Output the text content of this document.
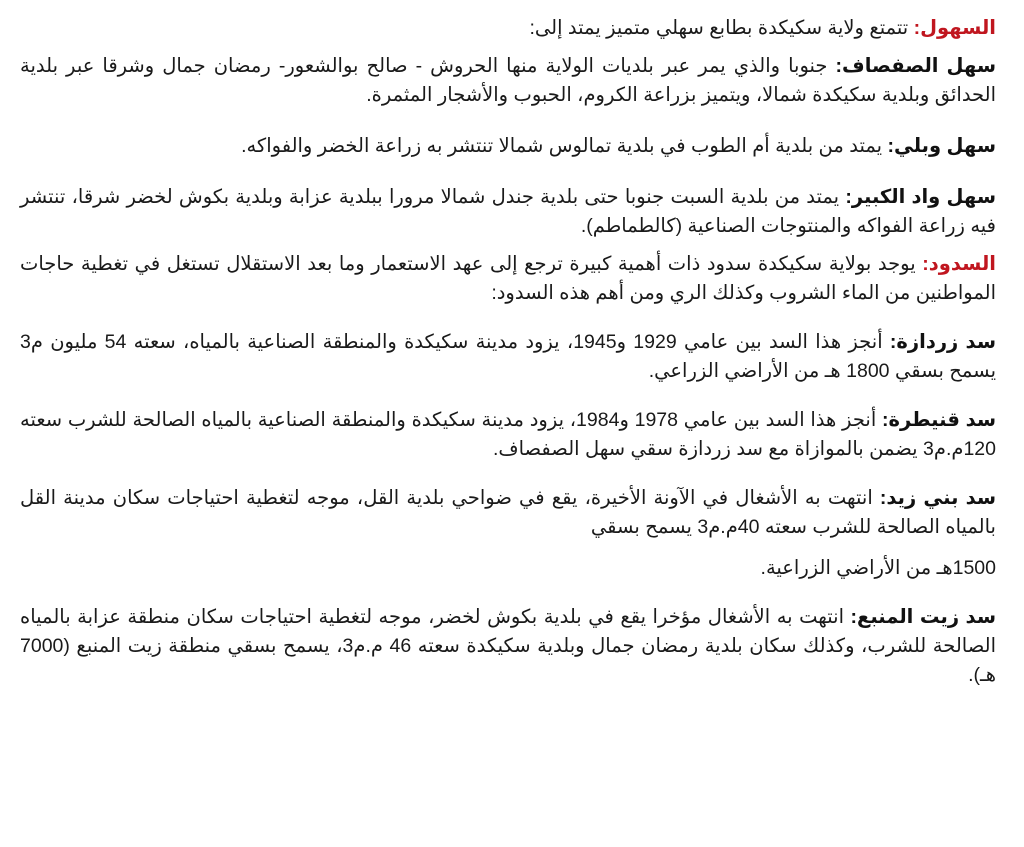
السهول: تتمتع ولاية سكيكدة بطابع سهلي متميز يمتد إلى:

سهل الصفصاف: جنوبا والذي يمر عبر بلديات الولاية منها الحروش - صالح بوالشعور- رمضان جمال وشرقا عبر بلدية الحدائق وبلدية سكيكدة شمالا، ويتميز بزراعة الكروم، الحبوب والأشجار المثمرة.

سهل وبلي: يمتد من بلدية أم الطوب في بلدية تمالوس شمالا تنتشر به زراعة الخضر والفواكه.

سهل واد الكبير: يمتد من بلدية السبت جنوبا حتى بلدية جندل شمالا مرورا ببلدية عزابة وبلدية بكوش لخضر شرقا، تنتشر فيه زراعة الفواكه والمنتوجات الصناعية (كالطماطم).

السدود: يوجد بولاية سكيكدة سدود ذات أهمية كبيرة ترجع إلى عهد الاستعمار وما بعد الاستقلال تستغل في تغطية حاجات المواطنين من الماء الشروب وكذلك الري ومن أهم هذه السدود:

سد زردازة: أنجز هذا السد بين عامي 1929 و1945، يزود مدينة سكيكدة والمنطقة الصناعية بالمياه، سعته 54 مليون م3 يسمح بسقي 1800 هـ من الأراضي الزراعي.

سد قنيطرة: أنجز هذا السد بين عامي 1978 و1984، يزود مدينة سكيكدة والمنطقة الصناعية بالمياه الصالحة للشرب سعته 120م.م3 يضمن بالموازاة مع سد زردازة سقي سهل الصفصاف.

سد بني زيد: انتهت به الأشغال في الآونة الأخيرة، يقع في ضواحي بلدية القل، موجه لتغطية احتياجات سكان مدينة القل بالمياه الصالحة للشرب سعته 40م.م3 يسمح بسقي

1500هـ من الأراضي الزراعية.

سد زيت المنبع: انتهت به الأشغال مؤخرا يقع في بلدية بكوش لخضر، موجه لتغطية احتياجات سكان منطقة عزابة بالمياه الصالحة للشرب، وكذلك سكان بلدية رمضان جمال وبلدية سكيكدة سعته 46 م.م3، يسمح بسقي منطقة زيت المنبع (7000 هـ).
